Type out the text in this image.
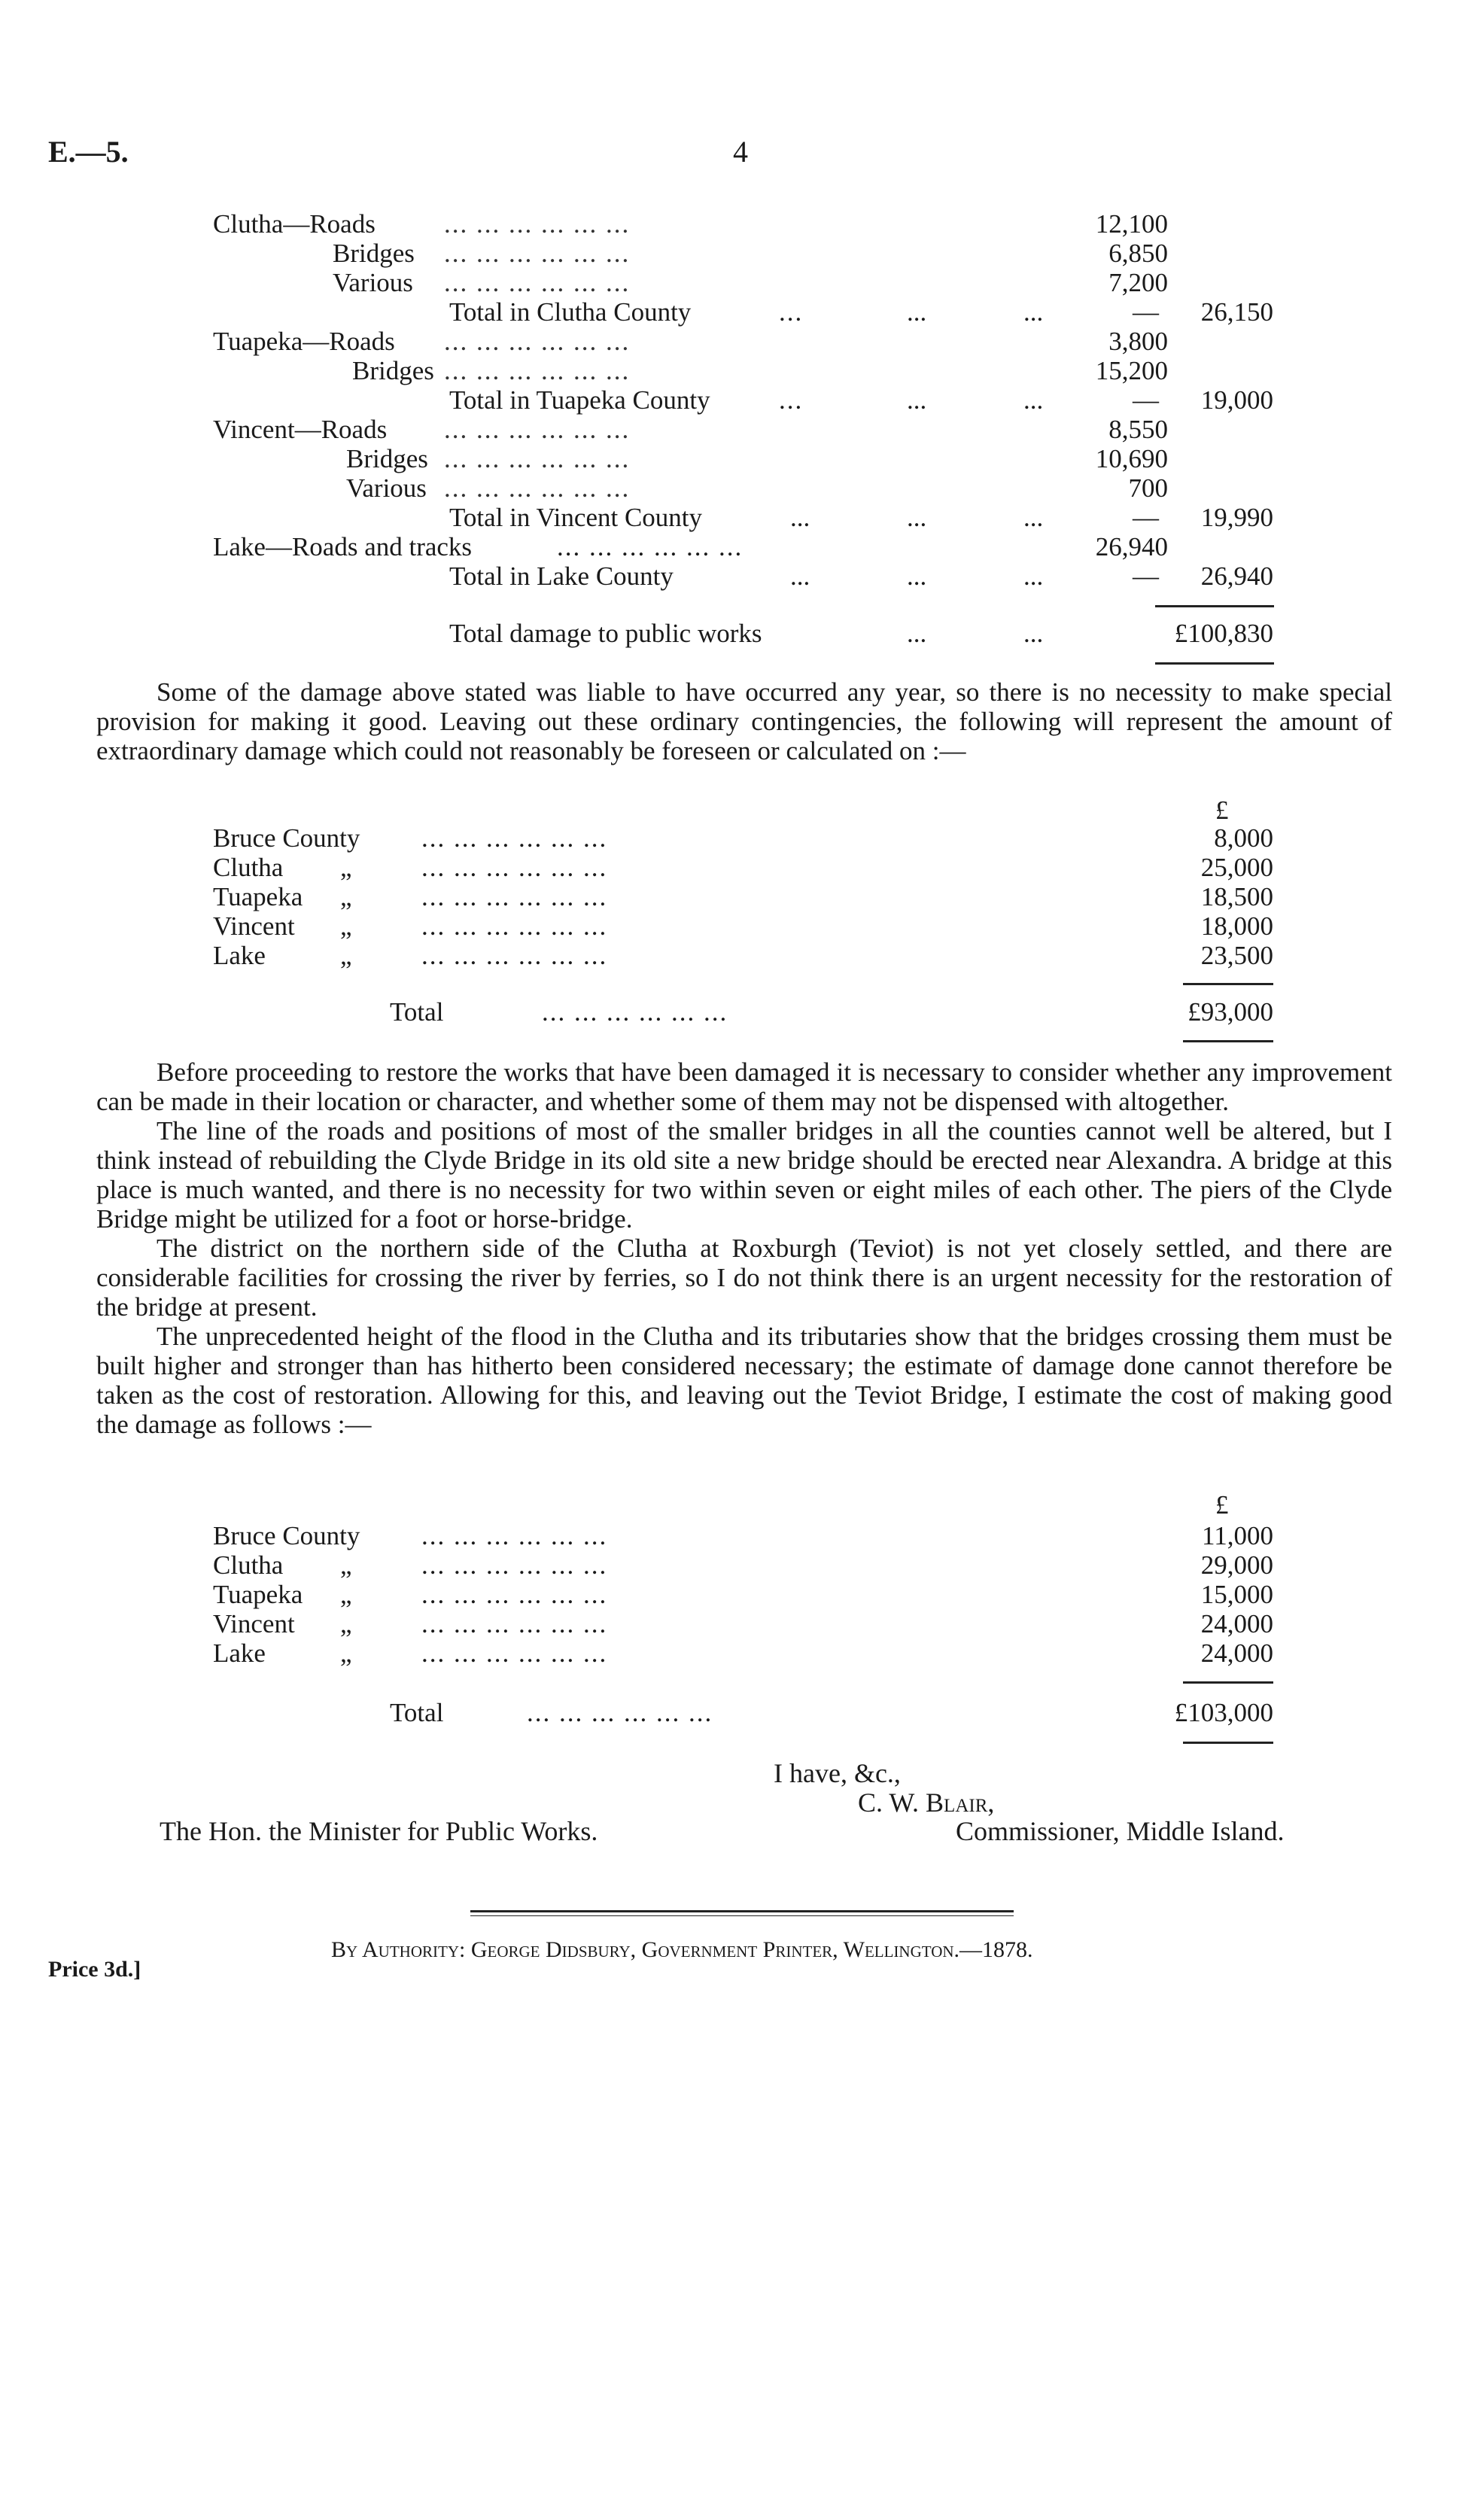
E.—5.	4
Clutha—Roads	... ... ... ... ... ...	12,100
Bridges ... ... ... ... ... ...	6,850
Various ... ... ... ... ... ...	7,200
Total in Clutha County	...	...	...	— 26,150
Tuapeka—Roads ... ... ... ... ... ...	3,800
Bridges ... ... ... ... ... ...	15,200
Total in Tuapeka County	...	...	...	— 19,000
Vincent—Roads ... ... ... ... ... ...	8,550
Bridges ... ... ... ... ... ...	10,690
Various ... ... ... ... ... ...	700
Total in Vincent County	...	...	...	— 19,990
Lake—Roads and tracks	... ... ... ... ... ...	26,940
Total in Lake County	...	...	...	— 26,940
Total damage to public works	...	...	£100,830

Some of the damage above stated was liable to have occurred any year, so there is no necessity to make special provision for making it good. Leaving out these ordinary contingencies, the following will represent the amount of extraordinary damage which could not reasonably be foreseen or calculated on :—

£
Bruce County ... ... ... ... ... ...	8,000
Clutha „	... ... ... ... ... ...	25,000
Tuapeka „	... ... ... ... ... ...	18,500
Vincent „	... ... ... ... ... ...	18,000
Lake	„	... ... ... ... ... ...	23,500
Total	... ... ... ... ... ...	£93,000

Before proceeding to restore the works that have been damaged it is necessary to consider whether any improvement can be made in their location or character, and whether some of them may not be dispensed with altogether.

The line of the roads and positions of most of the smaller bridges in all the counties cannot well be altered, but I think instead of rebuilding the Clyde Bridge in its old site a new bridge should be erected near Alexandra. A bridge at this place is much wanted, and there is no necessity for two within seven or eight miles of each other. The piers of the Clyde Bridge might be utilized for a foot or horse-bridge.

The district on the northern side of the Clutha at Roxburgh (Teviot) is not yet closely settled, and there are considerable facilities for crossing the river by ferries, so I do not think there is an urgent necessity for the restoration of the bridge at present.

The unprecedented height of the flood in the Clutha and its tributaries show that the bridges crossing them must be built higher and stronger than has hitherto been considered necessary; the estimate of damage done cannot therefore be taken as the cost of restoration. Allowing for this, and leaving out the Teviot Bridge, I estimate the cost of making good the damage as follows :—

£
Bruce County ... ... ... ... ... ...	11,000
Clutha „	... ... ... ... ... ...	29,000
Tuapeka „	... ... ... ... ... ...	15,000
Vincent „	... ... ... ... ... ...	24,000
Lake	„	... ... ... ... ... ...	24,000
Total	... ... ... ... ... ...	£103,000
I have, &c.,
C. W. Blair,
The Hon. the Minister for Public Works.	Commissioner, Middle Island.
By Authority: George Didsbury, Government Printer, Wellington.—1878.
Price 3d.]
